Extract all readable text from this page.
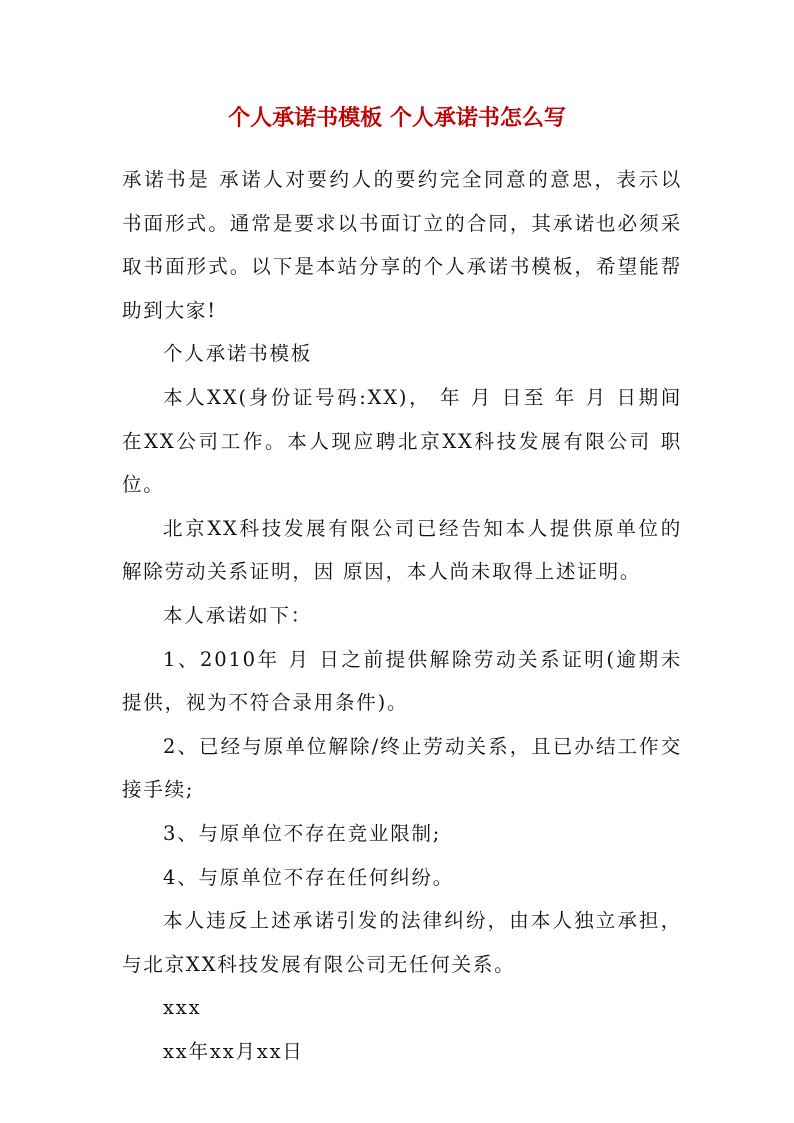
个人承诺书模板 个人承诺书怎么写

承诺书是 承诺人对要约人的要约完全同意的意思，表示以书面形式。通常是要求以书面订立的合同，其承诺也必须采取书面形式。以下是本站分享的个人承诺书模板，希望能帮助到大家!

个人承诺书模板

本人XX(身份证号码:XX)， 年 月 日至 年 月 日期间在XX公司工作。本人现应聘北京XX科技发展有限公司 职位。

北京XX科技发展有限公司已经告知本人提供原单位的解除劳动关系证明，因 原因，本人尚未取得上述证明。

本人承诺如下：

1、2010年 月 日之前提供解除劳动关系证明(逾期未提供，视为不符合录用条件)。

2、已经与原单位解除/终止劳动关系，且已办结工作交接手续;

3、与原单位不存在竞业限制;

4、与原单位不存在任何纠纷。

本人违反上述承诺引发的法律纠纷，由本人独立承担，与北京XX科技发展有限公司无任何关系。

xxx

xx年xx月xx日
